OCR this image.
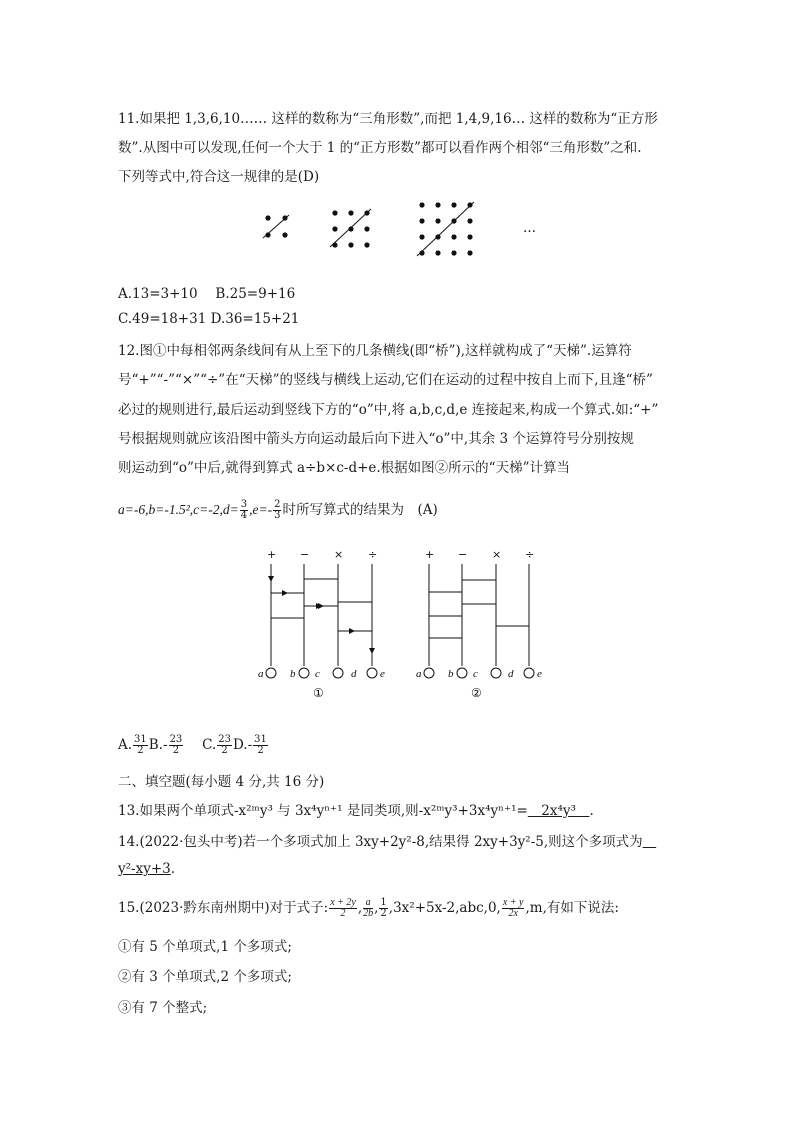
11.如果把 1,3,6,10…… 这样的数称为“三角形数”,而把 1,4,9,16… 这样的数称为“正方形
数”.从图中可以发现,任何一个大于 1 的“正方形数”都可以看作两个相邻“三角形数”之和.
下列等式中,符合这一规律的是(D)
…
A.13=3+10　 B.25=9+16
C.49=18+31 D.36=15+21
12.图①中每相邻两条线间有从上至下的几条横线(即“桥”),这样就构成了“天梯”.运算符
号“+”“-”“×”“÷”在“天梯”的竖线与横线上运动,它们在运动的过程中按自上而下,且逢“桥”
必过的规则进行,最后运动到竖线下方的“o”中,将 a,b,c,d,e 连接起来,构成一个算式.如:“+”
号根据规则就应该沿图中箭头方向运动最后向下进入“o”中,其余 3 个运算符号分别按规
则运动到“o”中后,就得到算式 a÷b×c-d+e.根据如图②所示的“天梯”计算当
$a=-6,b=-1.5^2,c=-2,d= \frac{3}{4} ,e=- \frac{2}{3}$ 时所写算式的结果为　(A)
+ − × ÷	+ − × ÷
a b c	d e	a b c	d e
①	②
A. $\frac{31}{2} B.- \frac{23}{2}$
　 C. $\frac{23}{2} D.- \frac{31}{2}$
二、填空题(每小题 4 分,共 16 分)
13.如果两个单项式-x²ᵐy³ 与 3x⁴yⁿ⁺¹ 是同类项,则-x²ᵐy³+3x⁴yⁿ⁺¹=　2x⁴y³　.
14.(2022·包头中考)若一个多项式加上 3xy+2y²-8,结果得 2xy+3y²-5,则这个多项式为　
y²-xy+3.
15.(2023·黔东南州期中)对于式子: $\frac{x + 2y}{2}$ , $\frac{a}{2b}$ , $\frac{1}{2} ,3x^2+5x-2,abc,0$, $\frac{x + y}{2x} ,m$,有如下说法:
①有 5 个单项式,1 个多项式;
②有 3 个单项式,2 个多项式;
③有 7 个整式;
